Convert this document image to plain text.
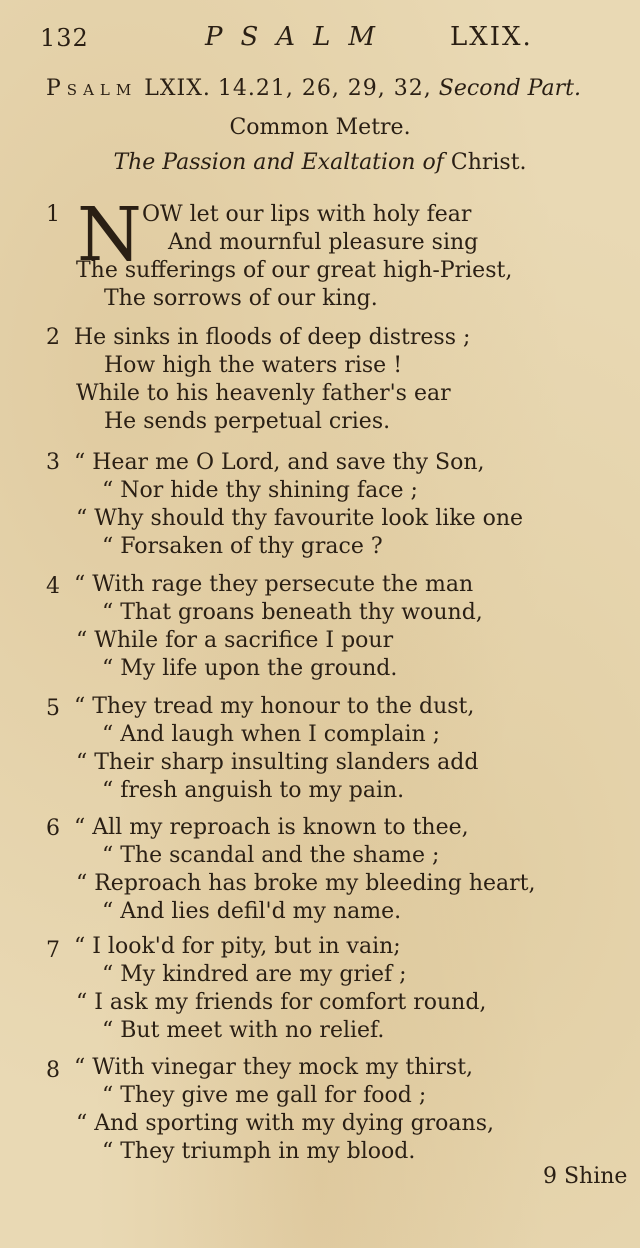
132	PSALM LXIX.
Psalm LXIX. 14.21, 26, 29, 32, Second Part.
Common Metre.
The Passion and Exaltation of Christ.
1 N OW let our lips with holy fear
And mournful pleasure sing
The sufferings of our great high-Priest,
The sorrows of our king.
2 He sinks in floods of deep distress ;
How high the waters rise !
While to his heavenly father's ear
He sends perpetual cries.
3 “ Hear me O Lord, and save thy Son,
“ Nor hide thy shining face ;
“ Why should thy favourite look like one
“ Forsaken of thy grace ?
4 “ With rage they persecute the man
“ That groans beneath thy wound,
“ While for a sacrifice I pour
“ My life upon the ground.
5 “ They tread my honour to the dust,
“ And laugh when I complain ;
“ Their sharp insulting slanders add
“ fresh anguish to my pain.
6 “ All my reproach is known to thee,
“ The scandal and the shame ;
“ Reproach has broke my bleeding heart,
“ And lies defil'd my name.
7 “ I look'd for pity, but in vain;
“ My kindred are my grief ;
“ I ask my friends for comfort round,
“ But meet with no relief.
8 “ With vinegar they mock my thirst,
“ They give me gall for food ;
“ And sporting with my dying groans,
“ They triumph in my blood.
9 Shine
